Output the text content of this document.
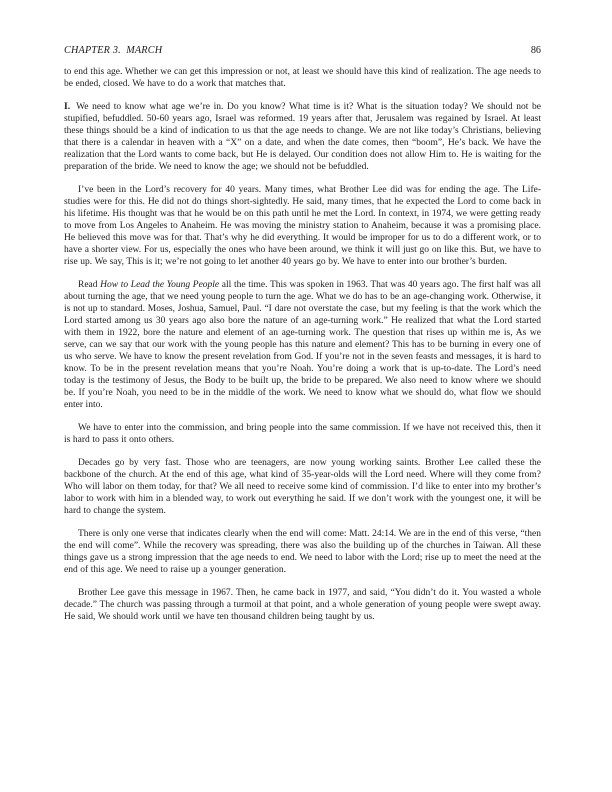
CHAPTER 3. MARCH	86

to end this age. Whether we can get this impression or not, at least we should have this kind of realization. The age needs to be ended, closed. We have to do a work that matches that.

I. We need to know what age we’re in. Do you know? What time is it? What is the situation today? We should not be stupified, befuddled. 50-60 years ago, Israel was reformed. 19 years after that, Jerusalem was regained by Israel. At least these things should be a kind of indication to us that the age needs to change. We are not like today’s Christians, believing that there is a calendar in heaven with a “X” on a date, and when the date comes, then “boom”, He’s back. We have the realization that the Lord wants to come back, but He is delayed. Our condition does not allow Him to. He is waiting for the preparation of the bride. We need to know the age; we should not be befuddled.

I’ve been in the Lord’s recovery for 40 years. Many times, what Brother Lee did was for ending the age. The Life-studies were for this. He did not do things short-sightedly. He said, many times, that he expected the Lord to come back in his lifetime. His thought was that he would be on this path until he met the Lord. In context, in 1974, we were getting ready to move from Los Angeles to Anaheim. He was moving the ministry station to Anaheim, because it was a promising place. He believed this move was for that. That’s why he did everything. It would be improper for us to do a different work, or to have a shorter view. For us, especially the ones who have been around, we think it will just go on like this. But, we have to rise up. We say, This is it; we’re not going to let another 40 years go by. We have to enter into our brother’s burden.

Read How to Lead the Young People all the time. This was spoken in 1963. That was 40 years ago. The first half was all about turning the age, that we need young people to turn the age. What we do has to be an age-changing work. Otherwise, it is not up to standard. Moses, Joshua, Samuel, Paul. “I dare not overstate the case, but my feeling is that the work which the Lord started among us 30 years ago also bore the nature of an age-turning work.” He realized that what the Lord started with them in 1922, bore the nature and element of an age-turning work. The question that rises up within me is, As we serve, can we say that our work with the young people has this nature and element? This has to be burning in every one of us who serve. We have to know the present revelation from God. If you’re not in the seven feasts and messages, it is hard to know. To be in the present revelation means that you’re Noah. You’re doing a work that is up-to-date. The Lord’s need today is the testimony of Jesus, the Body to be built up, the bride to be prepared. We also need to know where we should be. If you’re Noah, you need to be in the middle of the work. We need to know what we should do, what flow we should enter into.

We have to enter into the commission, and bring people into the same commission. If we have not received this, then it is hard to pass it onto others.

Decades go by very fast. Those who are teenagers, are now young working saints. Brother Lee called these the backbone of the church. At the end of this age, what kind of 35-year-olds will the Lord need. Where will they come from? Who will labor on them today, for that? We all need to receive some kind of commission. I’d like to enter into my brother’s labor to work with him in a blended way, to work out everything he said. If we don’t work with the youngest one, it will be hard to change the system.

There is only one verse that indicates clearly when the end will come: Matt. 24:14. We are in the end of this verse, “then the end will come”. While the recovery was spreading, there was also the building up of the churches in Taiwan. All these things gave us a strong impression that the age needs to end. We need to labor with the Lord; rise up to meet the need at the end of this age. We need to raise up a younger generation.

Brother Lee gave this message in 1967. Then, he came back in 1977, and said, “You didn’t do it. You wasted a whole decade.” The church was passing through a turmoil at that point, and a whole generation of young people were swept away. He said, We should work until we have ten thousand children being taught by us.
